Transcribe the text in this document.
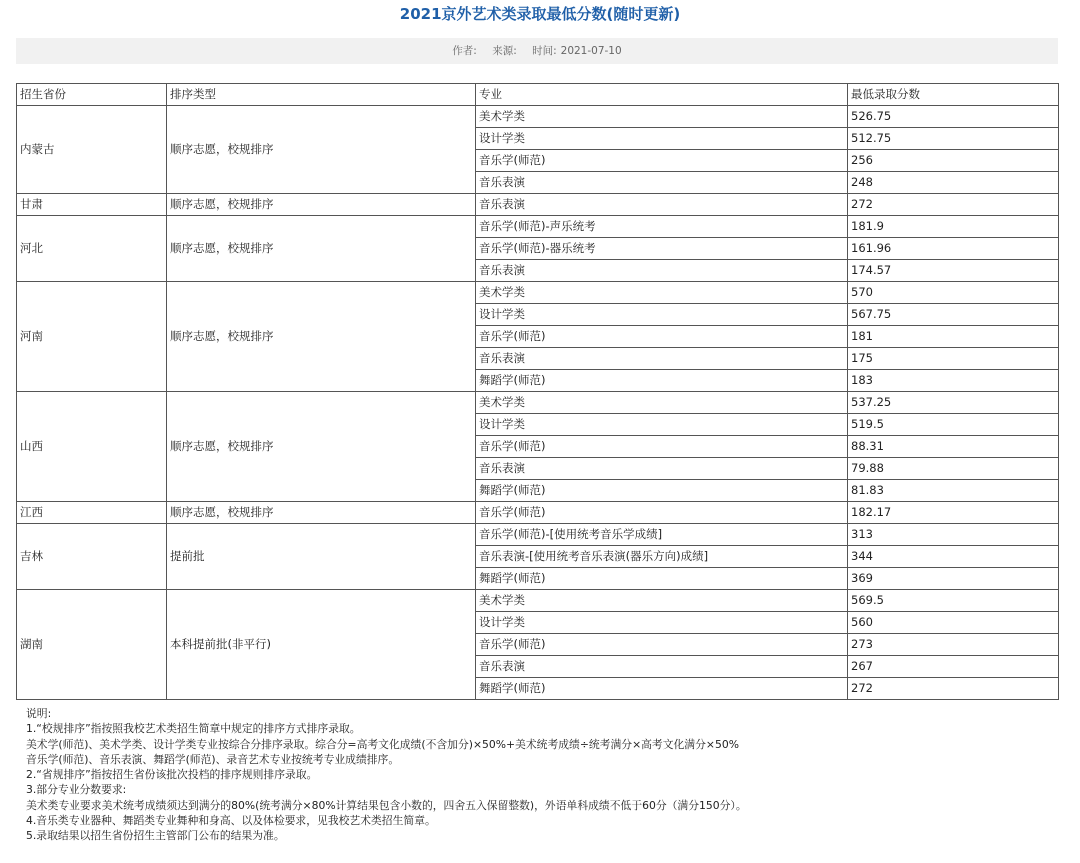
2021京外艺术类录取最低分数(随时更新)
作者: 来源: 时间: 2021-07-10
招生省份	排序类型	专业	最低录取分数
内蒙古	顺序志愿，校规排序	美术学类	526.75
		设计学类	512.75
		音乐学(师范)	256
		音乐表演	248
甘肃	顺序志愿，校规排序	音乐表演	272
河北	顺序志愿，校规排序	音乐学(师范)-声乐统考	181.9
		音乐学(师范)-器乐统考	161.96
		音乐表演	174.57
河南	顺序志愿，校规排序	美术学类	570
		设计学类	567.75
		音乐学(师范)	181
		音乐表演	175
		舞蹈学(师范)	183
山西	顺序志愿，校规排序	美术学类	537.25
		设计学类	519.5
		音乐学(师范)	88.31
		音乐表演	79.88
		舞蹈学(师范)	81.83
江西	顺序志愿，校规排序	音乐学(师范)	182.17
吉林	提前批	音乐学(师范)-[使用统考音乐学成绩]	313
		音乐表演-[使用统考音乐表演(器乐方向)成绩]	344
		舞蹈学(师范)	369
湖南	本科提前批(非平行)	美术学类	569.5
		设计学类	560
		音乐学(师范)	273
		音乐表演	267
		舞蹈学(师范)	272
说明:
1.“校规排序”指按照我校艺术类招生简章中规定的排序方式排序录取。
美术学(师范)、美术学类、设计学类专业按综合分排序录取。综合分=高考文化成绩(不含加分)×50%+美术统考成绩÷统考满分×高考文化满分×50%
音乐学(师范)、音乐表演、舞蹈学(师范)、录音艺术专业按统考专业成绩排序。
2.“省规排序”指按招生省份该批次投档的排序规则排序录取。
3.部分专业分数要求:
美术类专业要求美术统考成绩须达到满分的80%(统考满分×80%计算结果包含小数的，四舍五入保留整数)，外语单科成绩不低于60分（满分150分）。
4.音乐类专业器种、舞蹈类专业舞种和身高、以及体检要求，见我校艺术类招生简章。
5.录取结果以招生省份招生主管部门公布的结果为准。
